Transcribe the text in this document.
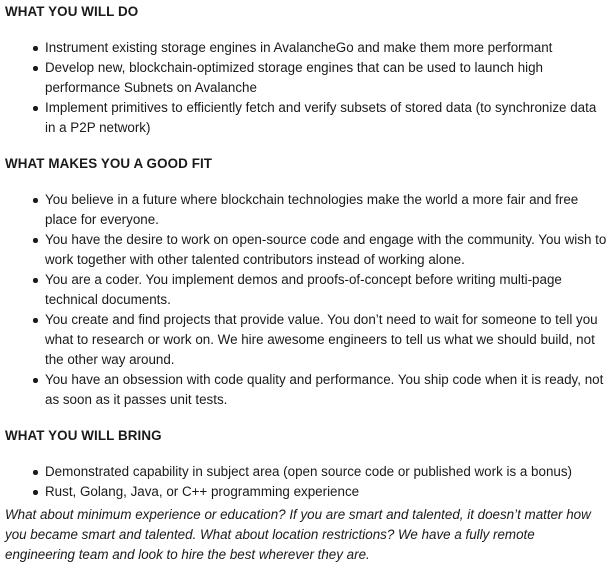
WHAT YOU WILL DO
Instrument existing storage engines in AvalancheGo and make them more performant
Develop new, blockchain-optimized storage engines that can be used to launch high performance Subnets on Avalanche
Implement primitives to efficiently fetch and verify subsets of stored data (to synchronize data in a P2P network)
WHAT MAKES YOU A GOOD FIT
You believe in a future where blockchain technologies make the world a more fair and free place for everyone.
You have the desire to work on open-source code and engage with the community. You wish to work together with other talented contributors instead of working alone.
You are a coder. You implement demos and proofs-of-concept before writing multi-page technical documents.
You create and find projects that provide value. You don’t need to wait for someone to tell you what to research or work on. We hire awesome engineers to tell us what we should build, not the other way around.
You have an obsession with code quality and performance. You ship code when it is ready, not as soon as it passes unit tests.
WHAT YOU WILL BRING
Demonstrated capability in subject area (open source code or published work is a bonus)
Rust, Golang, Java, or C++ programming experience

What about minimum experience or education? If you are smart and talented, it doesn’t matter how you became smart and talented. What about location restrictions? We have a fully remote engineering team and look to hire the best wherever they are.
